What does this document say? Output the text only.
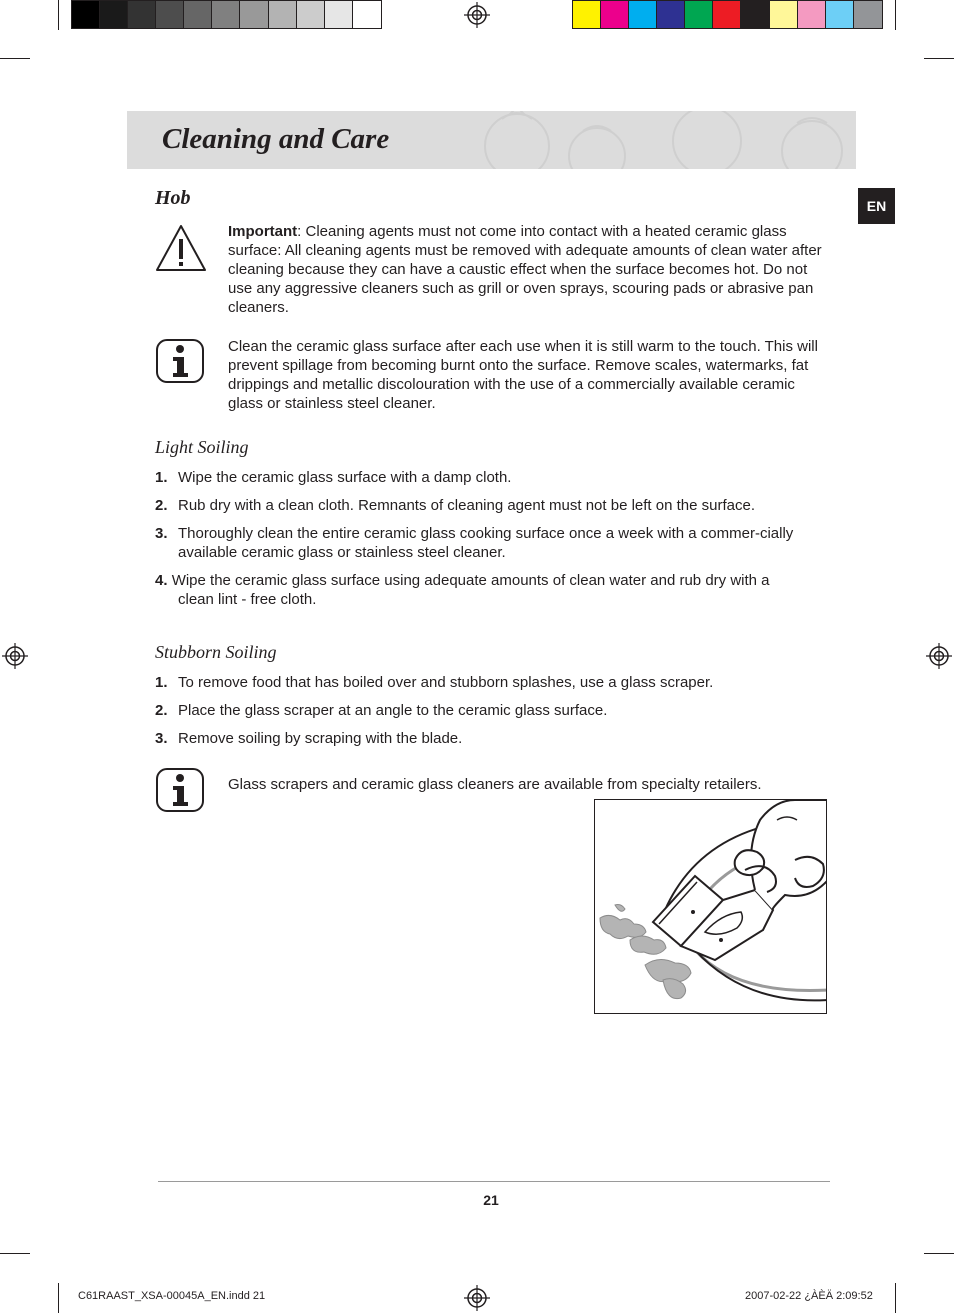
Cleaning and Care
EN
Hob
Important: Cleaning agents must not come into contact with a heated ceramic glass surface: All cleaning agents must be removed with adequate amounts of clean water after cleaning because they can have a caustic effect when the surface becomes hot. Do not use any aggressive cleaners such as grill or oven sprays, scouring pads or abrasive pan cleaners.
Clean the ceramic glass surface after each use when it is still warm to the touch. This will prevent spillage from becoming burnt onto the surface. Remove scales, watermarks, fat drippings and metallic discolouration with the use of a commercially available ceramic glass or stainless steel cleaner.
Light Soiling
1. Wipe the ceramic glass surface with a damp cloth.
2. Rub dry with a clean cloth. Remnants of cleaning agent must not be left on the surface.
3. Thoroughly clean the entire ceramic glass cooking surface once a week with a commer-cially available ceramic glass or stainless steel cleaner.
4. Wipe the ceramic glass surface using adequate amounts of clean water and rub dry with a
clean lint - free cloth.
Stubborn Soiling
1. To remove food that has boiled over and stubborn splashes, use a glass scraper.
2. Place the glass scraper at an angle to the ceramic glass surface.
3. Remove soiling by scraping with the blade.
Glass scrapers and ceramic glass cleaners are available from specialty retailers.
21
C61RAAST_XSA-00045A_EN.indd 21	2007-02-22 ¿ÀÈÄ 2:09:52
